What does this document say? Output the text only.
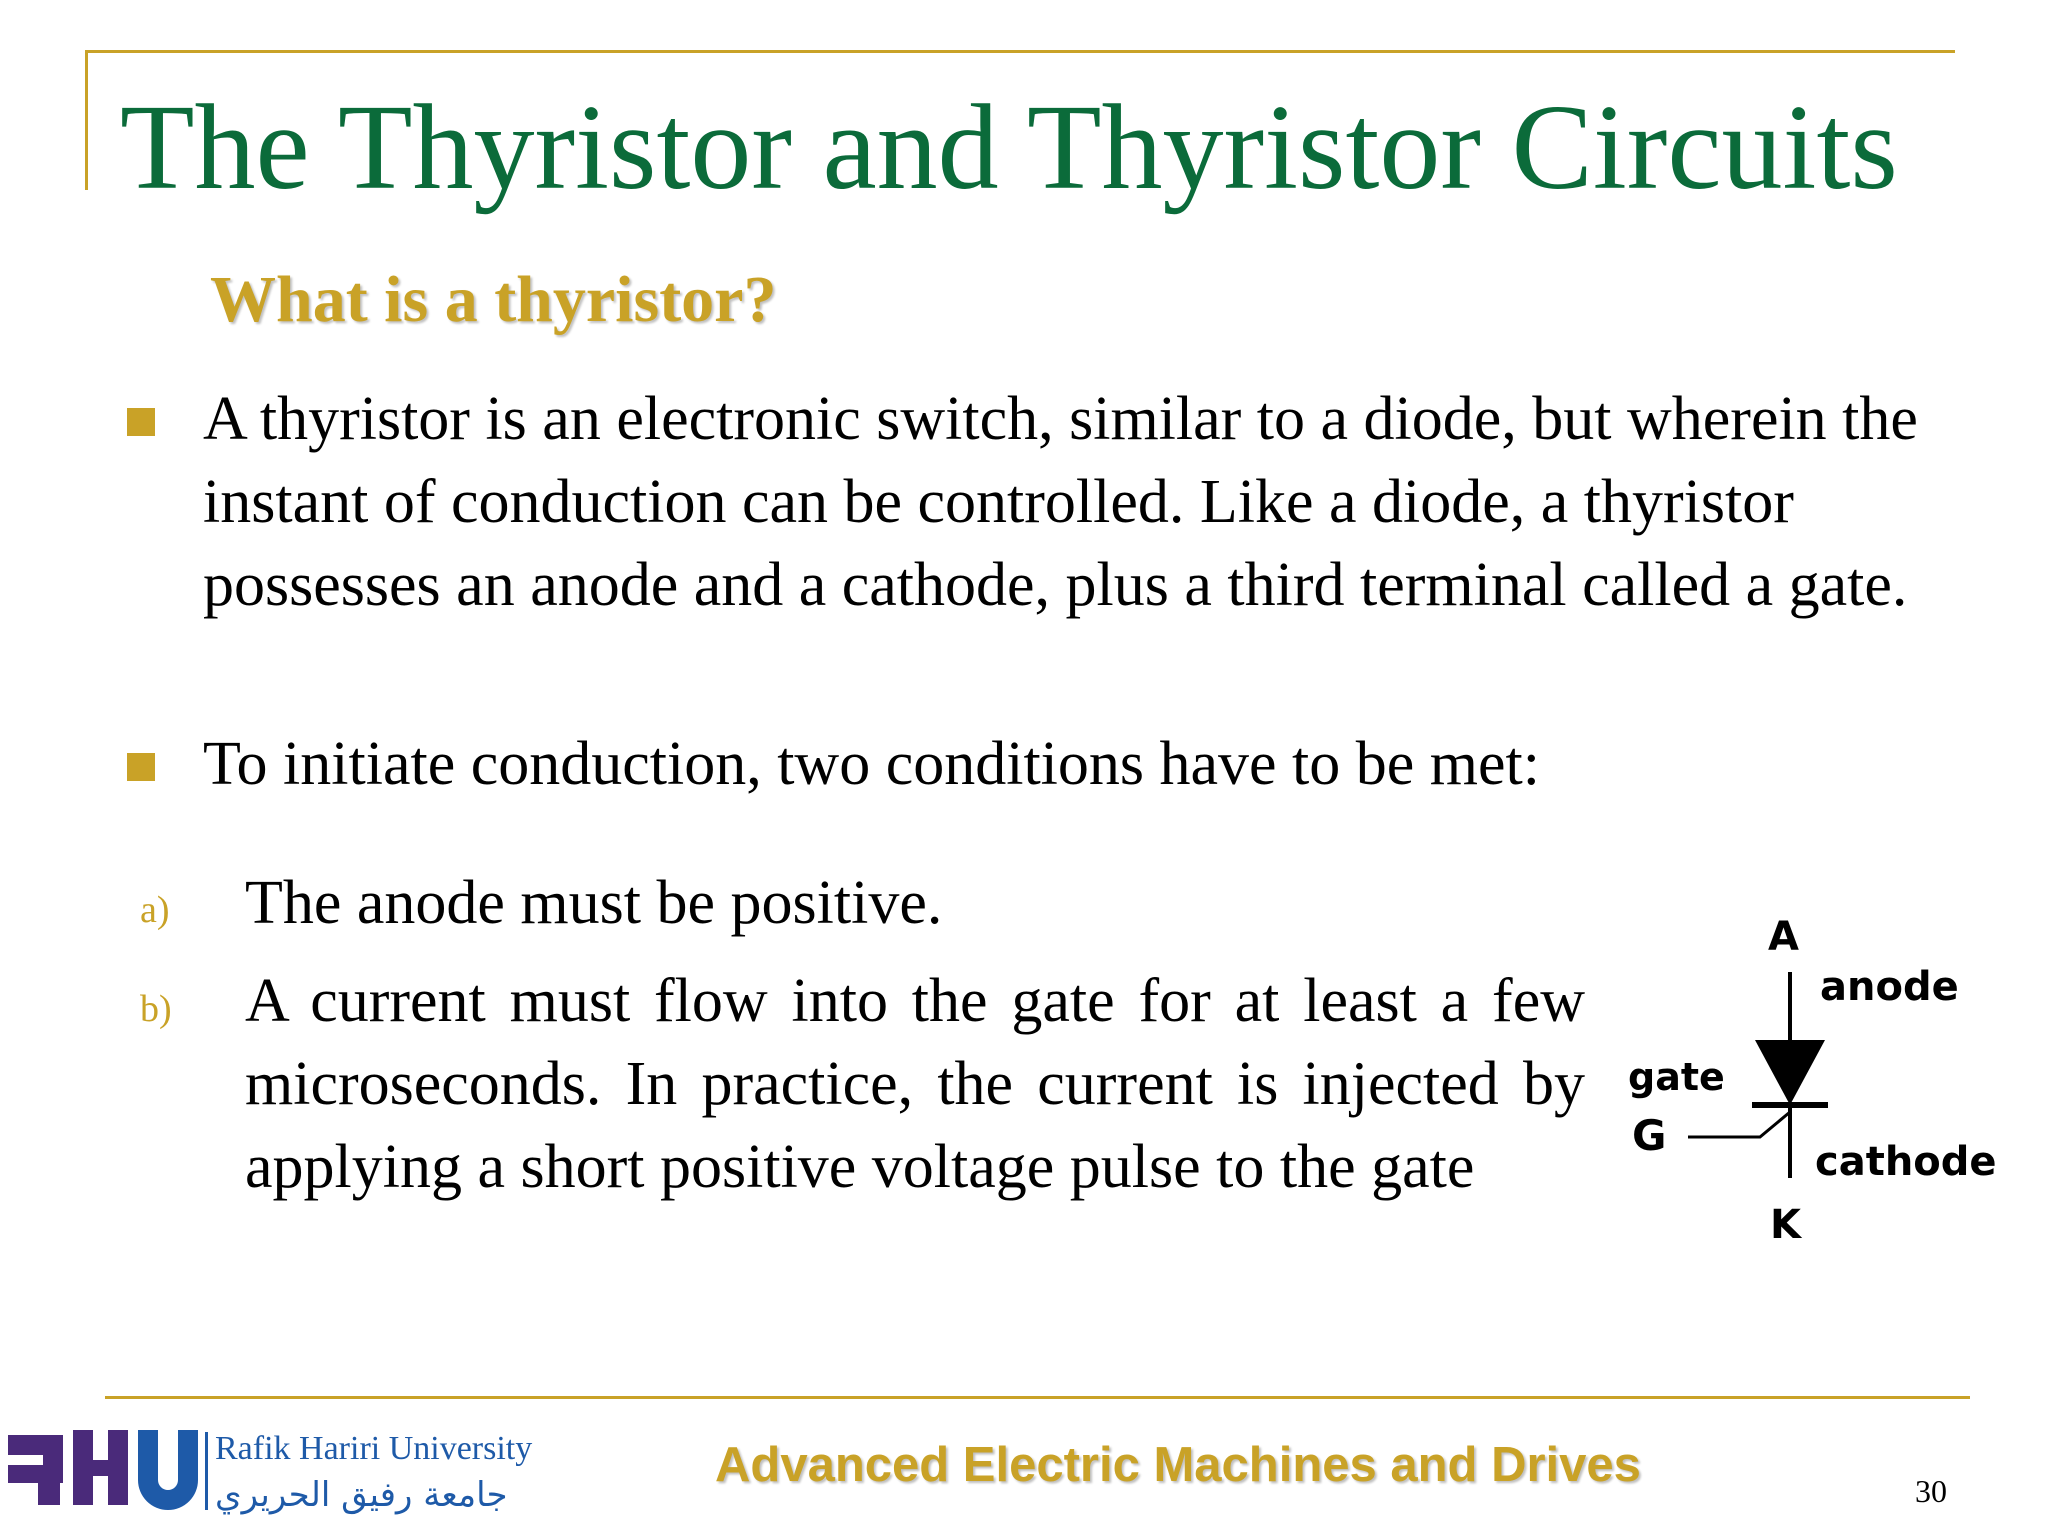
The Thyristor and Thyristor Circuits
What is a thyristor?

A thyristor is an electronic switch, similar to a diode, but wherein the instant of conduction can be controlled. Like a diode, a thyristor possesses an anode and a cathode, plus a third terminal called a gate.

To initiate conduction, two conditions have to be met:

a) The anode must be positive.

b) A current must flow into the gate for at least a few microseconds. In practice, the current is injected by applying a short positive voltage pulse to the gate

A
anode
gate
G
cathode
K
Rafik Hariri University
جامعة رفيق الحريري
Advanced Electric Machines and Drives	30
